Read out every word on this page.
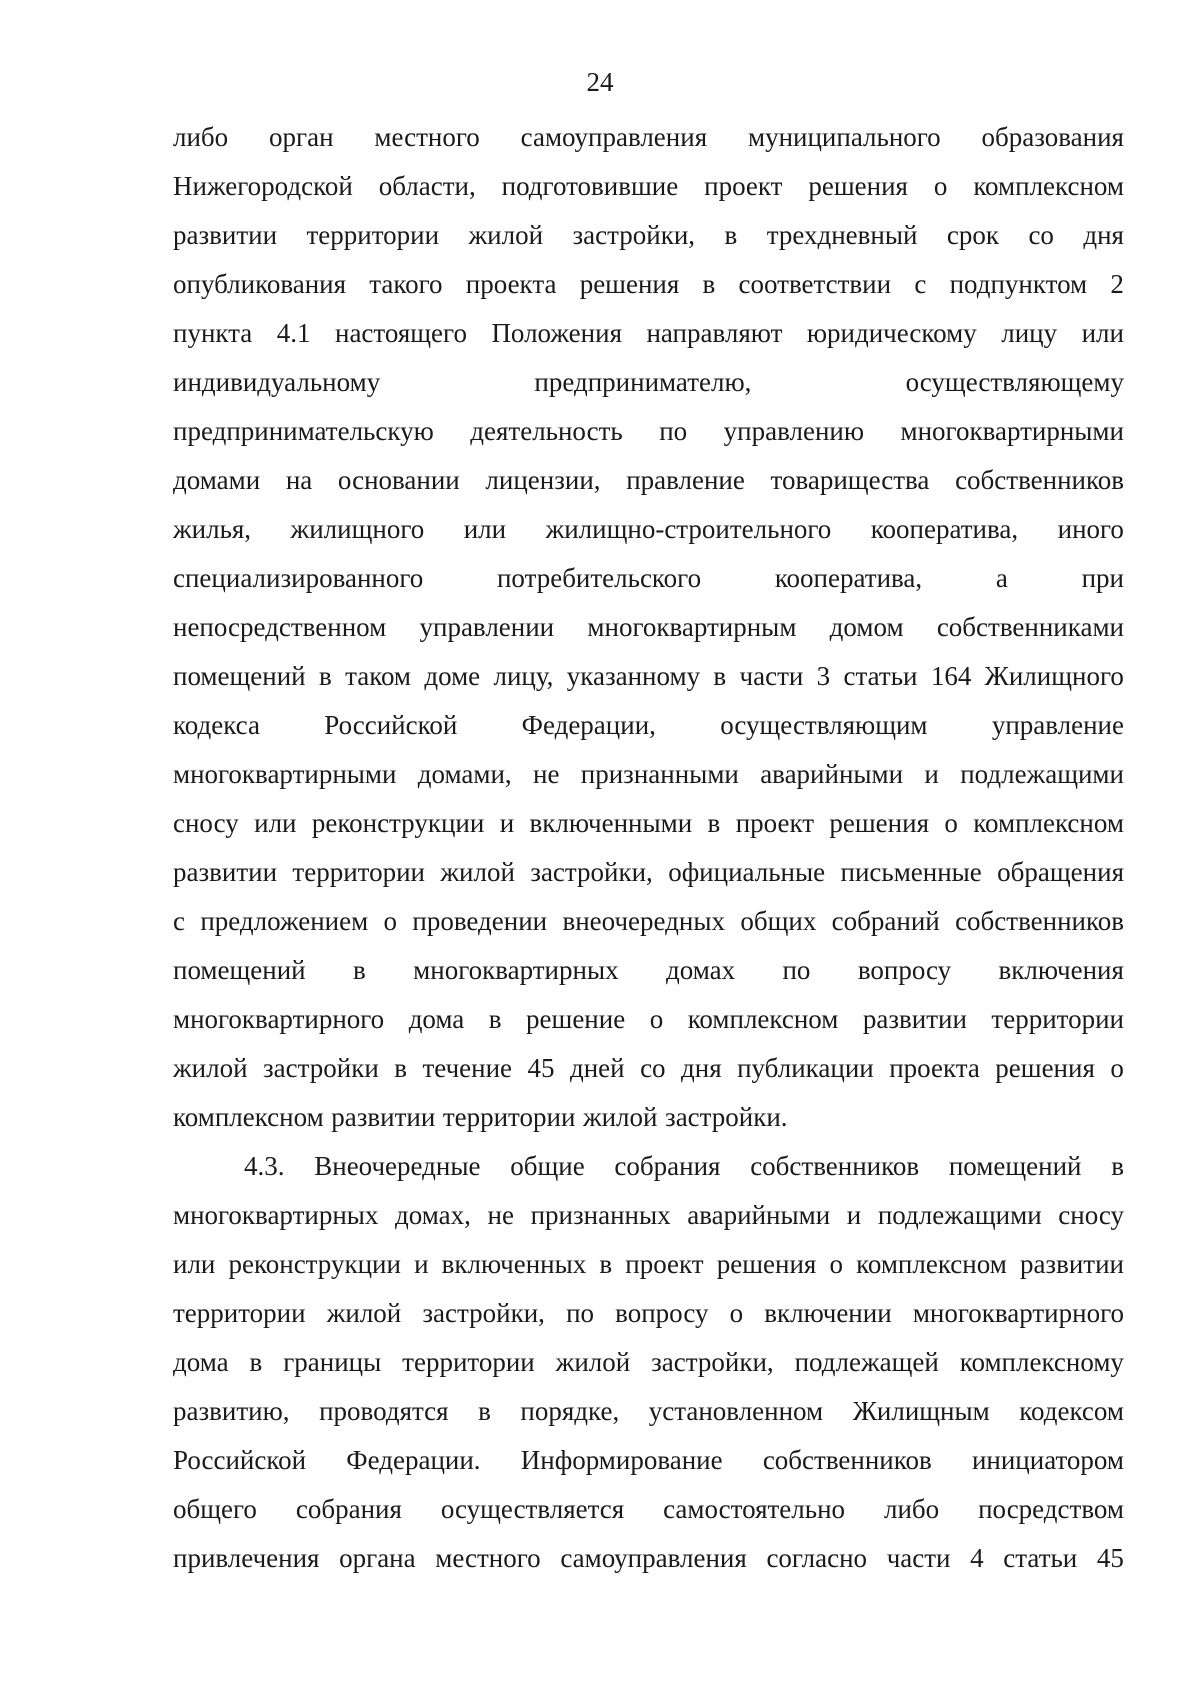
24
либо орган местного самоуправления муниципального образования
Нижегородской области, подготовившие проект решения о комплексном
развитии территории жилой застройки, в трехдневный срок со дня
опубликования такого проекта решения в соответствии с подпунктом 2
пункта 4.1 настоящего Положения направляют юридическому лицу или
индивидуальному	предпринимателю,	осуществляющему
предпринимательскую деятельность по управлению многоквартирными
домами на основании лицензии, правление товарищества собственников
жилья, жилищного или жилищно-строительного кооператива, иного
специализированного	потребительского	кооператива,	а	при
непосредственном управлении многоквартирным домом собственниками
помещений в таком доме лицу, указанному в части 3 статьи 164 Жилищного
кодекса Российской Федерации, осуществляющим управление
многоквартирными домами, не признанными аварийными и подлежащими
сносу или реконструкции и включенными в проект решения о комплексном
развитии территории жилой застройки, официальные письменные обращения
с предложением о проведении внеочередных общих собраний собственников
помещений в многоквартирных домах по вопросу включения
многоквартирного дома в решение о комплексном развитии территории
жилой застройки в течение 45 дней со дня публикации проекта решения о
комплексном развитии территории жилой застройки.
4.3. Внеочередные общие собрания собственников помещений в
многоквартирных домах, не признанных аварийными и подлежащими сносу
или реконструкции и включенных в проект решения о комплексном развитии
территории жилой застройки, по вопросу о включении многоквартирного
дома в границы территории жилой застройки, подлежащей комплексному
развитию, проводятся в порядке, установленном Жилищным кодексом
Российской Федерации. Информирование собственников инициатором
общего собрания осуществляется самостоятельно либо посредством
привлечения органа местного самоуправления согласно части 4 статьи 45
